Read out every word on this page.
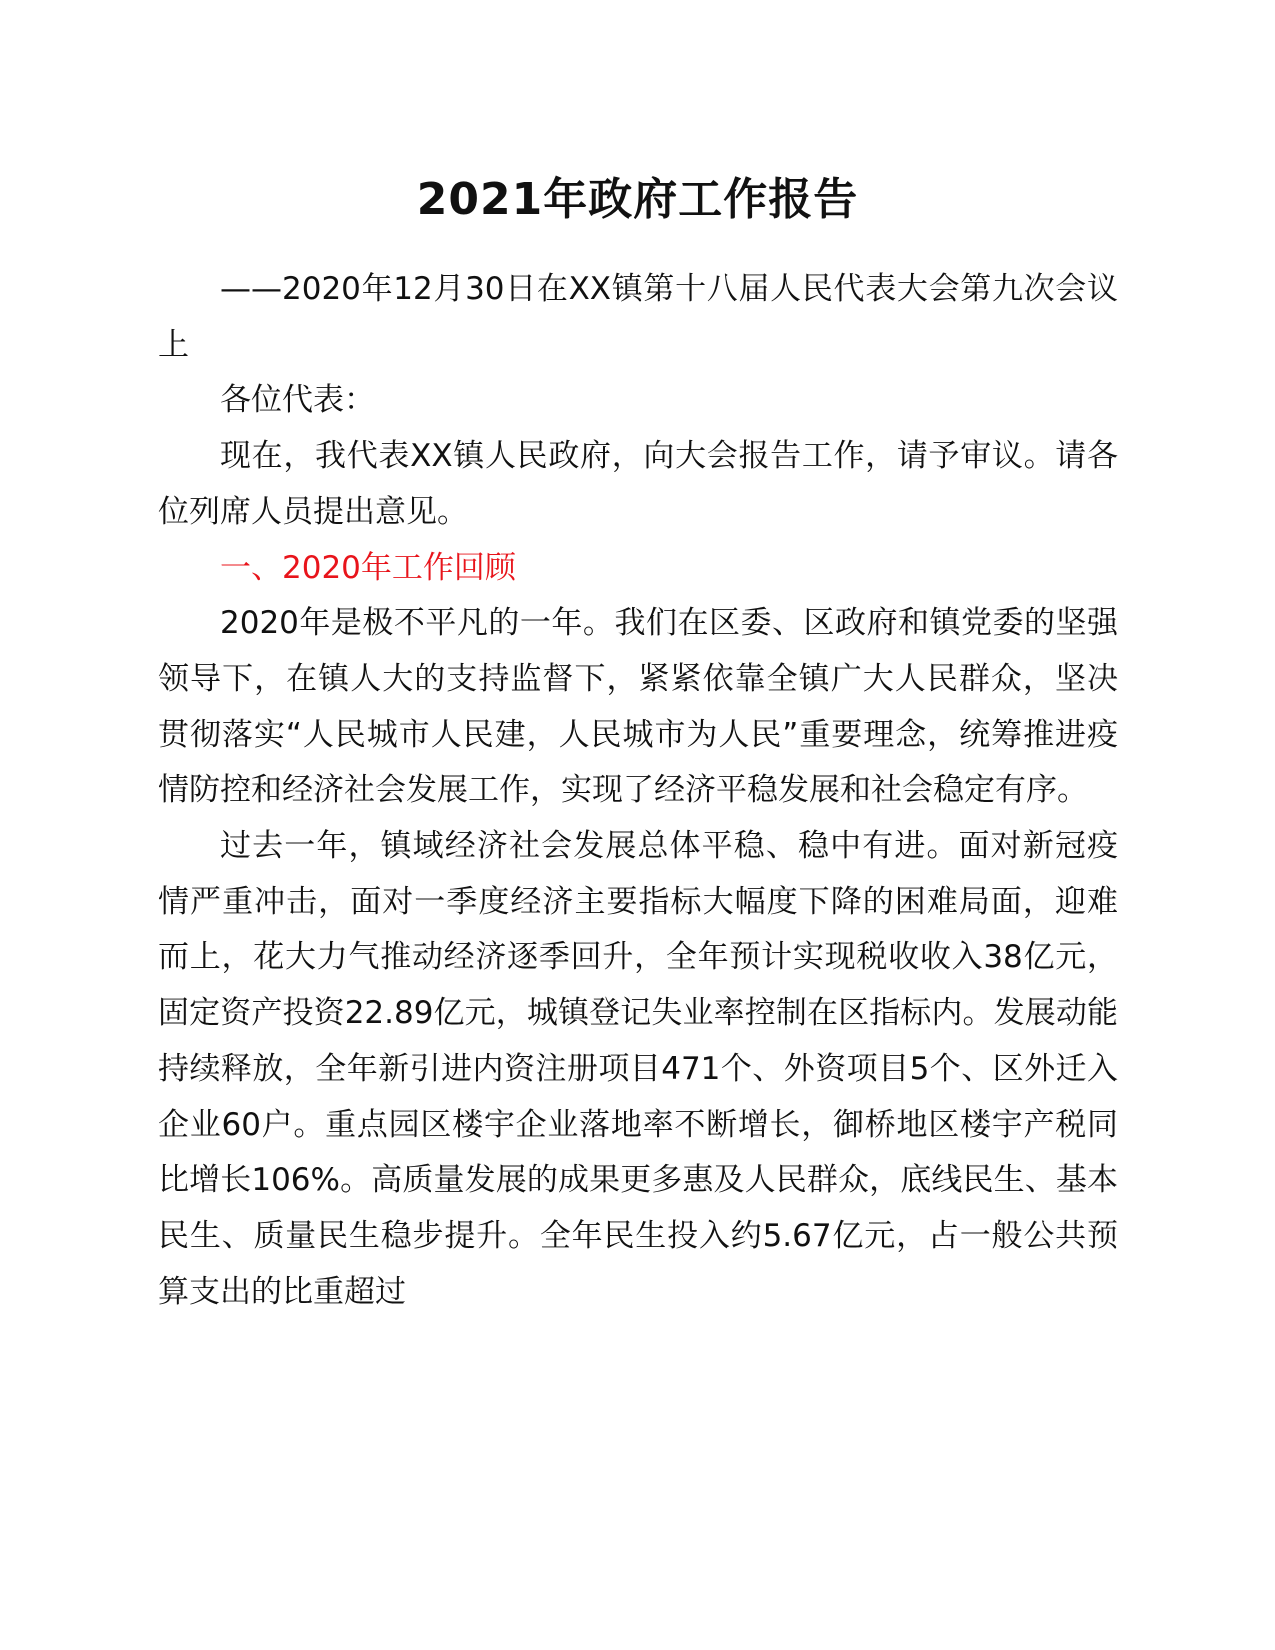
2021年政府工作报告

——2020年12月30日在XX镇第十八届人民代表大会第九次会议上

各位代表：

现在，我代表XX镇人民政府，向大会报告工作，请予审议。请各位列席人员提出意见。

一、2020年工作回顾

2020年是极不平凡的一年。我们在区委、区政府和镇党委的坚强领导下，在镇人大的支持监督下，紧紧依靠全镇广大人民群众，坚决贯彻落实“人民城市人民建，人民城市为人民”重要理念，统筹推进疫情防控和经济社会发展工作，实现了经济平稳发展和社会稳定有序。

过去一年，镇域经济社会发展总体平稳、稳中有进。面对新冠疫情严重冲击，面对一季度经济主要指标大幅度下降的困难局面，迎难而上，花大力气推动经济逐季回升，全年预计实现税收收入38亿元，固定资产投资22.89亿元，城镇登记失业率控制在区指标内。发展动能持续释放，全年新引进内资注册项目471个、外资项目5个、区外迁入企业60户。重点园区楼宇企业落地率不断增长，御桥地区楼宇产税同比增长106%。高质量发展的成果更多惠及人民群众，底线民生、基本民生、质量民生稳步提升。全年民生投入约5.67亿元，占一般公共预算支出的比重超过
